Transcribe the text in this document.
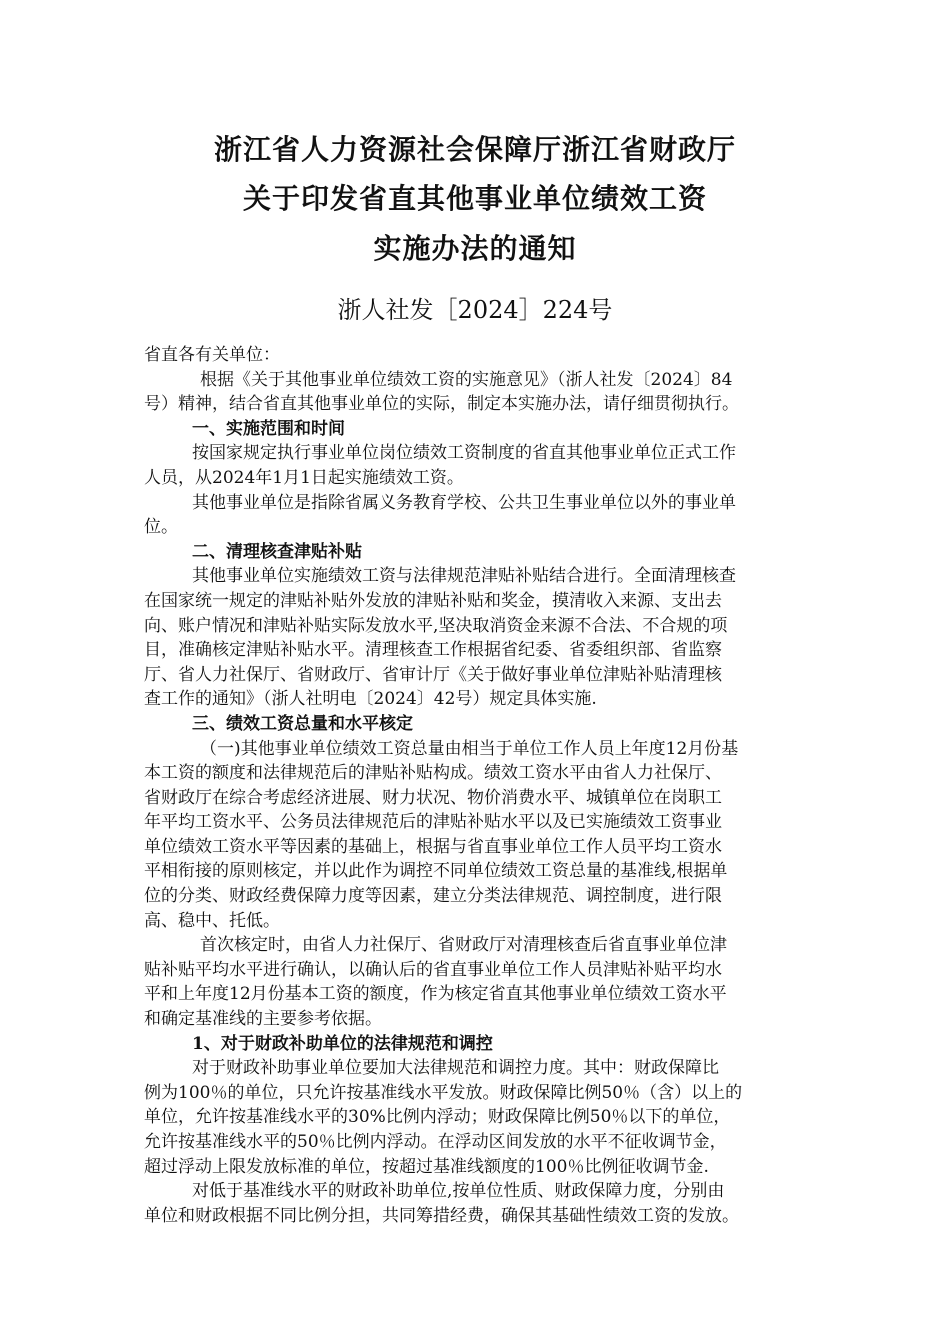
浙江省人力资源社会保障厅浙江省财政厅
关于印发省直其他事业单位绩效工资
实施办法的通知
浙人社发［2024］224号

省直各有关单位：

根据《关于其他事业单位绩效工资的实施意见》（浙人社发〔2024〕84

号）精神，结合省直其他事业单位的实际，制定本实施办法，请仔细贯彻执行。

一、实施范围和时间

按国家规定执行事业单位岗位绩效工资制度的省直其他事业单位正式工作

人员，从2024年1月1日起实施绩效工资。

其他事业单位是指除省属义务教育学校、公共卫生事业单位以外的事业单

位。

二、清理核查津贴补贴

其他事业单位实施绩效工资与法律规范津贴补贴结合进行。全面清理核查

在国家统一规定的津贴补贴外发放的津贴补贴和奖金，摸清收入来源、支出去

向、账户情况和津贴补贴实际发放水平,坚决取消资金来源不合法、不合规的项

目，准确核定津贴补贴水平。清理核查工作根据省纪委、省委组织部、省监察

厅、省人力社保厅、省财政厅、省审计厅《关于做好事业单位津贴补贴清理核

查工作的通知》（浙人社明电〔2024〕42号）规定具体实施.

三、绩效工资总量和水平核定

（一)其他事业单位绩效工资总量由相当于单位工作人员上年度12月份基

本工资的额度和法律规范后的津贴补贴构成。绩效工资水平由省人力社保厅、

省财政厅在综合考虑经济进展、财力状况、物价消费水平、城镇单位在岗职工

年平均工资水平、公务员法律规范后的津贴补贴水平以及已实施绩效工资事业

单位绩效工资水平等因素的基础上，根据与省直事业单位工作人员平均工资水

平相衔接的原则核定，并以此作为调控不同单位绩效工资总量的基准线,根据单

位的分类、财政经费保障力度等因素，建立分类法律规范、调控制度，进行限

高、稳中、托低。

首次核定时，由省人力社保厅、省财政厅对清理核查后省直事业单位津

贴补贴平均水平进行确认，以确认后的省直事业单位工作人员津贴补贴平均水

平和上年度12月份基本工资的额度，作为核定省直其他事业单位绩效工资水平

和确定基准线的主要参考依据。

1、对于财政补助单位的法律规范和调控

对于财政补助事业单位要加大法律规范和调控力度。其中：财政保障比

例为100％的单位，只允许按基准线水平发放。财政保障比例50％（含）以上的

单位，允许按基准线水平的30%比例内浮动；财政保障比例50％以下的单位，

允许按基准线水平的50％比例内浮动。在浮动区间发放的水平不征收调节金，

超过浮动上限发放标准的单位，按超过基准线额度的100％比例征收调节金.

对低于基准线水平的财政补助单位,按单位性质、财政保障力度，分别由

单位和财政根据不同比例分担，共同筹措经费，确保其基础性绩效工资的发放。
